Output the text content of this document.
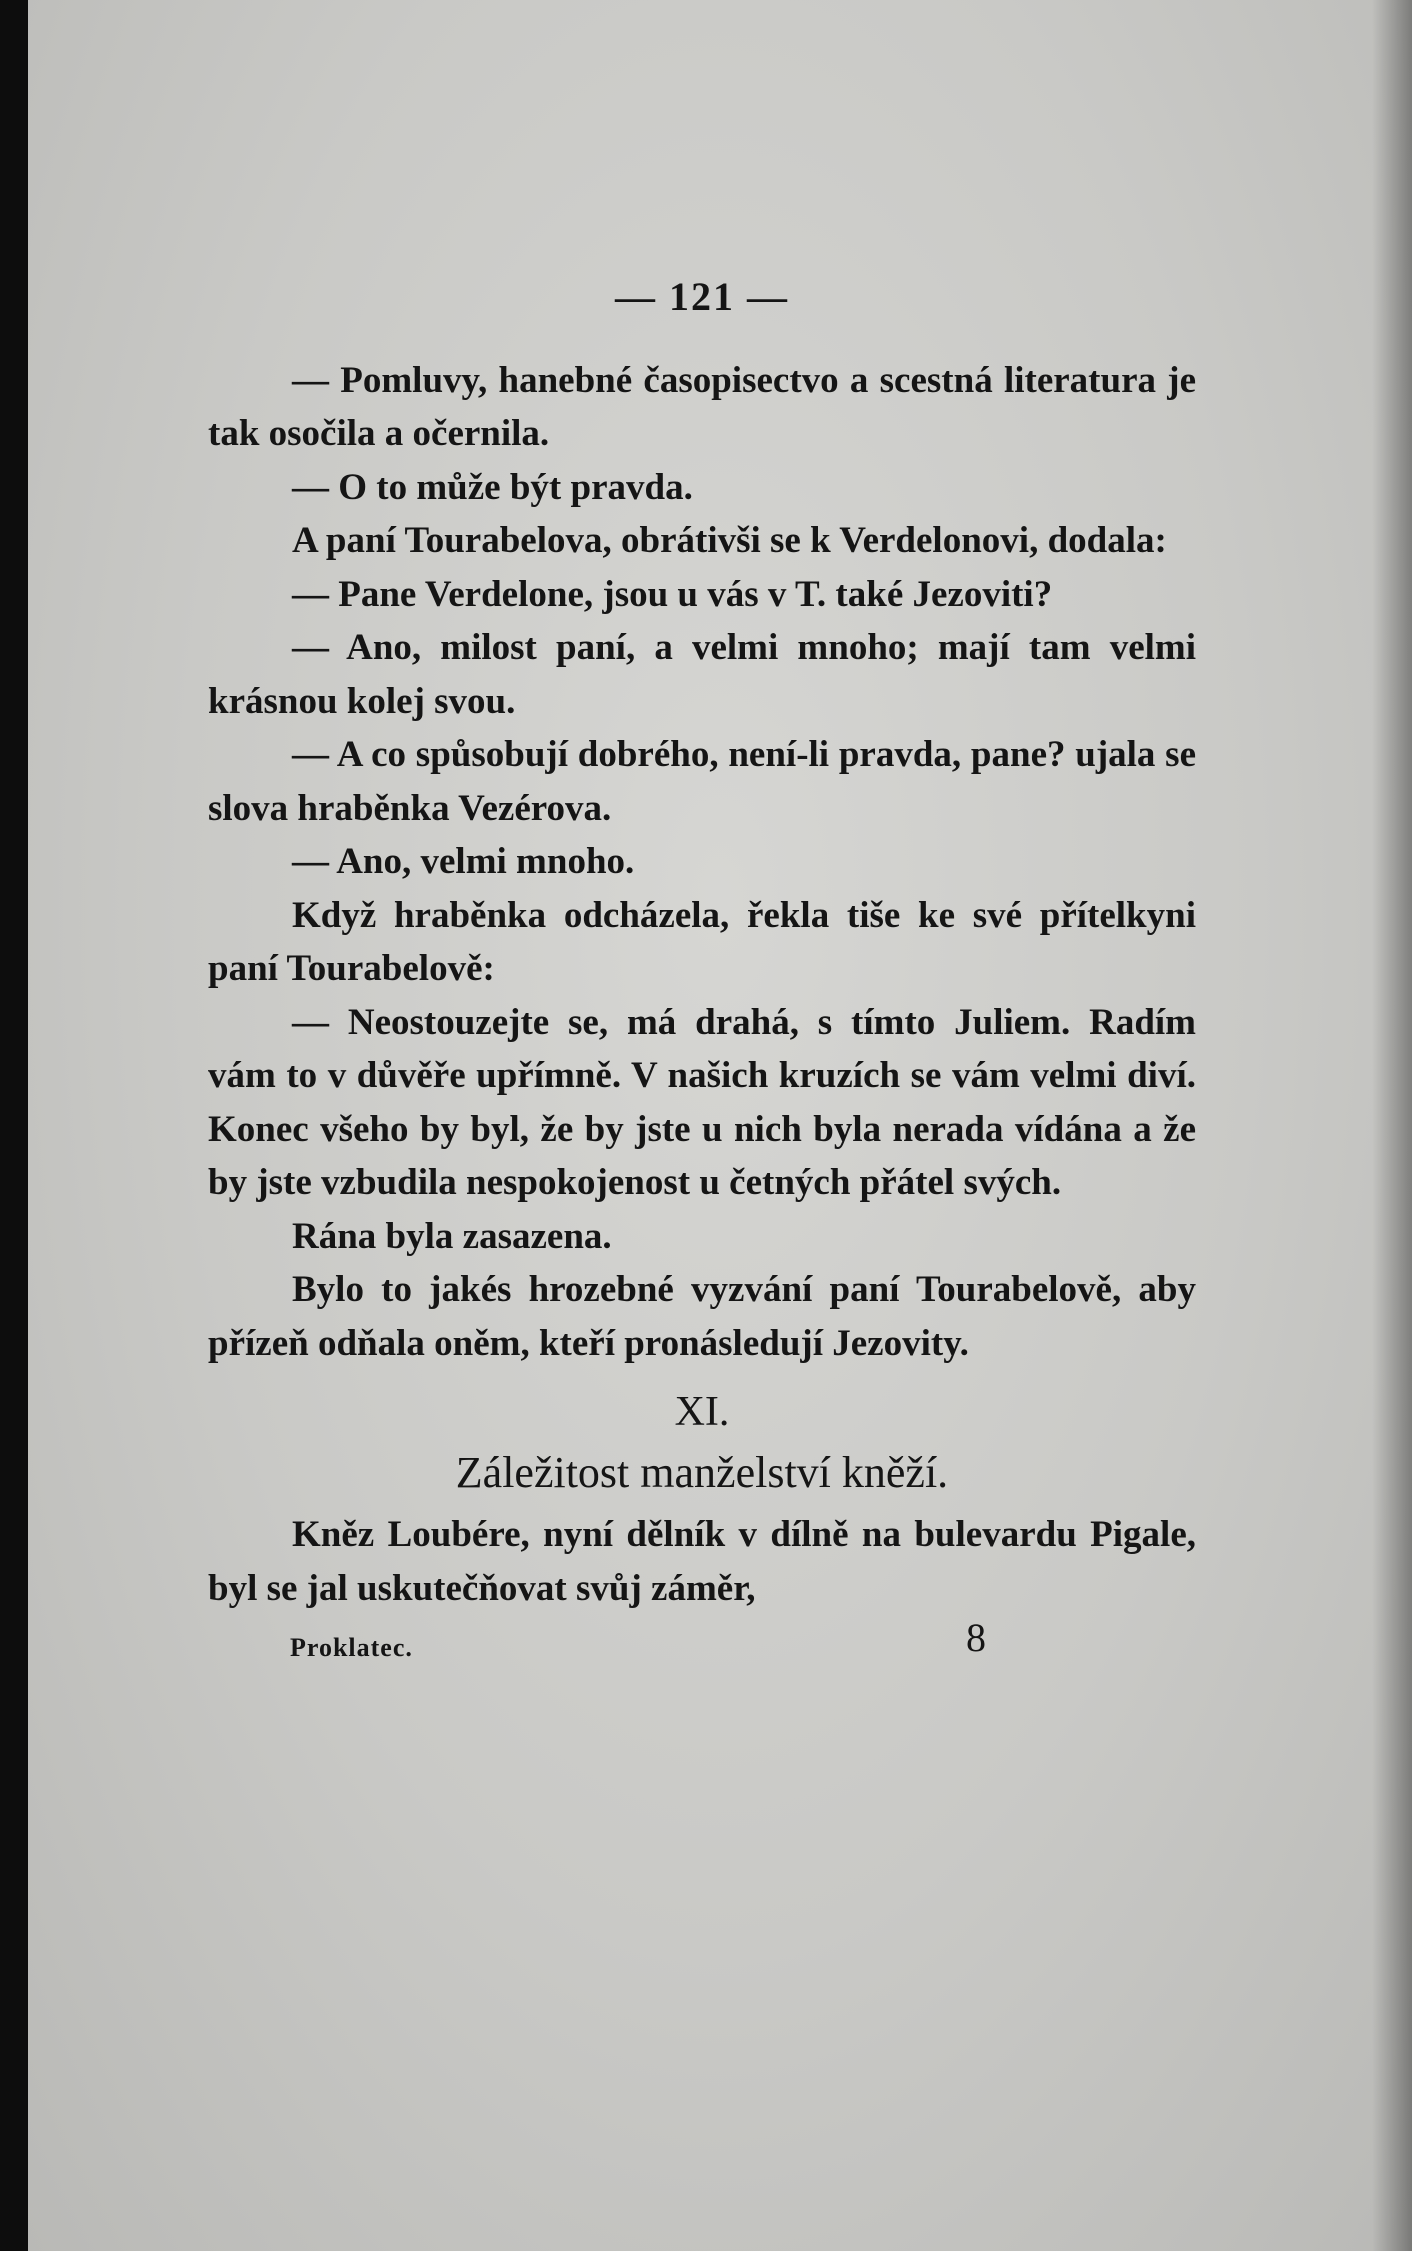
— 121 —

— Pomluvy, hanebné časopisectvo a scestná literatura je tak osočila a očernila.

— O to může být pravda.

A paní Tourabelova, obrátivši se k Verdelonovi, dodala:

— Pane Verdelone, jsou u vás v T. také Jezoviti?

— Ano, milost paní, a velmi mnoho; mají tam velmi krásnou kolej svou.

— A co spůsobují dobrého, není-li pravda, pane? ujala se slova hraběnka Vezérova.

— Ano, velmi mnoho.

Když hraběnka odcházela, řekla tiše ke své přítelkyni paní Tourabelově:

— Neostouzejte se, má drahá, s tímto Juliem. Radím vám to v důvěře upřímně. V našich kruzích se vám velmi diví. Konec všeho by byl, že by jste u nich byla nerada vídána a že by jste vzbudila nespokojenost u četných přátel svých.

Rána byla zasazena.

Bylo to jakés hrozebné vyzvání paní Tourabelově, aby přízeň odňala oněm, kteří pronásledují Jezovity.

XI.
Záležitost manželství kněží.

Kněz Loubére, nyní dělník v dílně na bulevardu Pigale, byl se jal uskutečňovat svůj záměr,

Proklatec.	8
